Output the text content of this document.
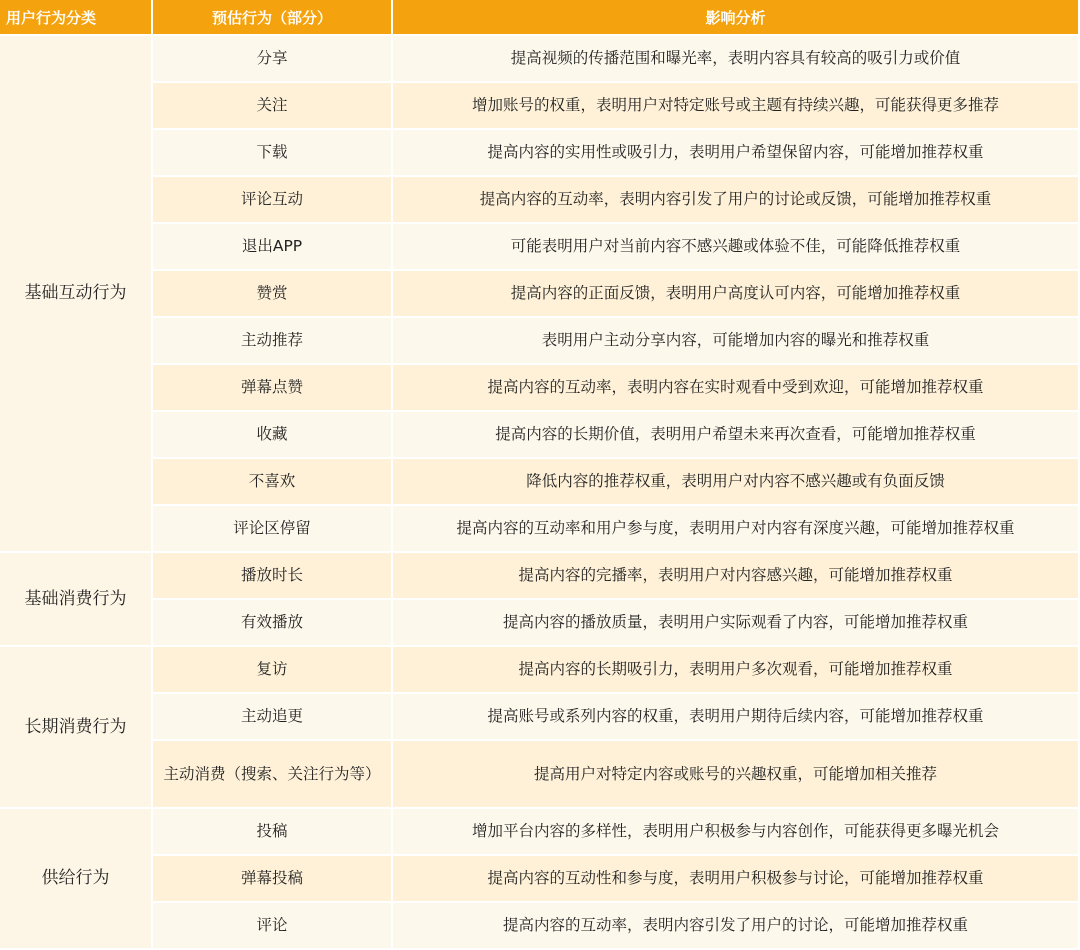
用户行为分类	预估行为（部分）	影响分析
基础互动行为	分享	提高视频的传播范围和曝光率，表明内容具有较高的吸引力或价值
	关注	增加账号的权重，表明用户对特定账号或主题有持续兴趣，可能获得更多推荐
	下载	提高内容的实用性或吸引力，表明用户希望保留内容，可能增加推荐权重
	评论互动	提高内容的互动率，表明内容引发了用户的讨论或反馈，可能增加推荐权重
	退出APP	可能表明用户对当前内容不感兴趣或体验不佳，可能降低推荐权重
	赞赏	提高内容的正面反馈，表明用户高度认可内容，可能增加推荐权重
	主动推荐	表明用户主动分享内容，可能增加内容的曝光和推荐权重
	弹幕点赞	提高内容的互动率，表明内容在实时观看中受到欢迎，可能增加推荐权重
	收藏	提高内容的长期价值，表明用户希望未来再次查看，可能增加推荐权重
	不喜欢	降低内容的推荐权重，表明用户对内容不感兴趣或有负面反馈
	评论区停留	提高内容的互动率和用户参与度，表明用户对内容有深度兴趣，可能增加推荐权重
基础消费行为	播放时长	提高内容的完播率，表明用户对内容感兴趣，可能增加推荐权重
	有效播放	提高内容的播放质量，表明用户实际观看了内容，可能增加推荐权重
长期消费行为	复访	提高内容的长期吸引力，表明用户多次观看，可能增加推荐权重
	主动追更	提高账号或系列内容的权重，表明用户期待后续内容，可能增加推荐权重
	主动消费（搜索、关注行为等）	提高用户对特定内容或账号的兴趣权重，可能增加相关推荐
供给行为	投稿	增加平台内容的多样性，表明用户积极参与内容创作，可能获得更多曝光机会
	弹幕投稿	提高内容的互动性和参与度，表明用户积极参与讨论，可能增加推荐权重
	评论	提高内容的互动率，表明内容引发了用户的讨论，可能增加推荐权重
